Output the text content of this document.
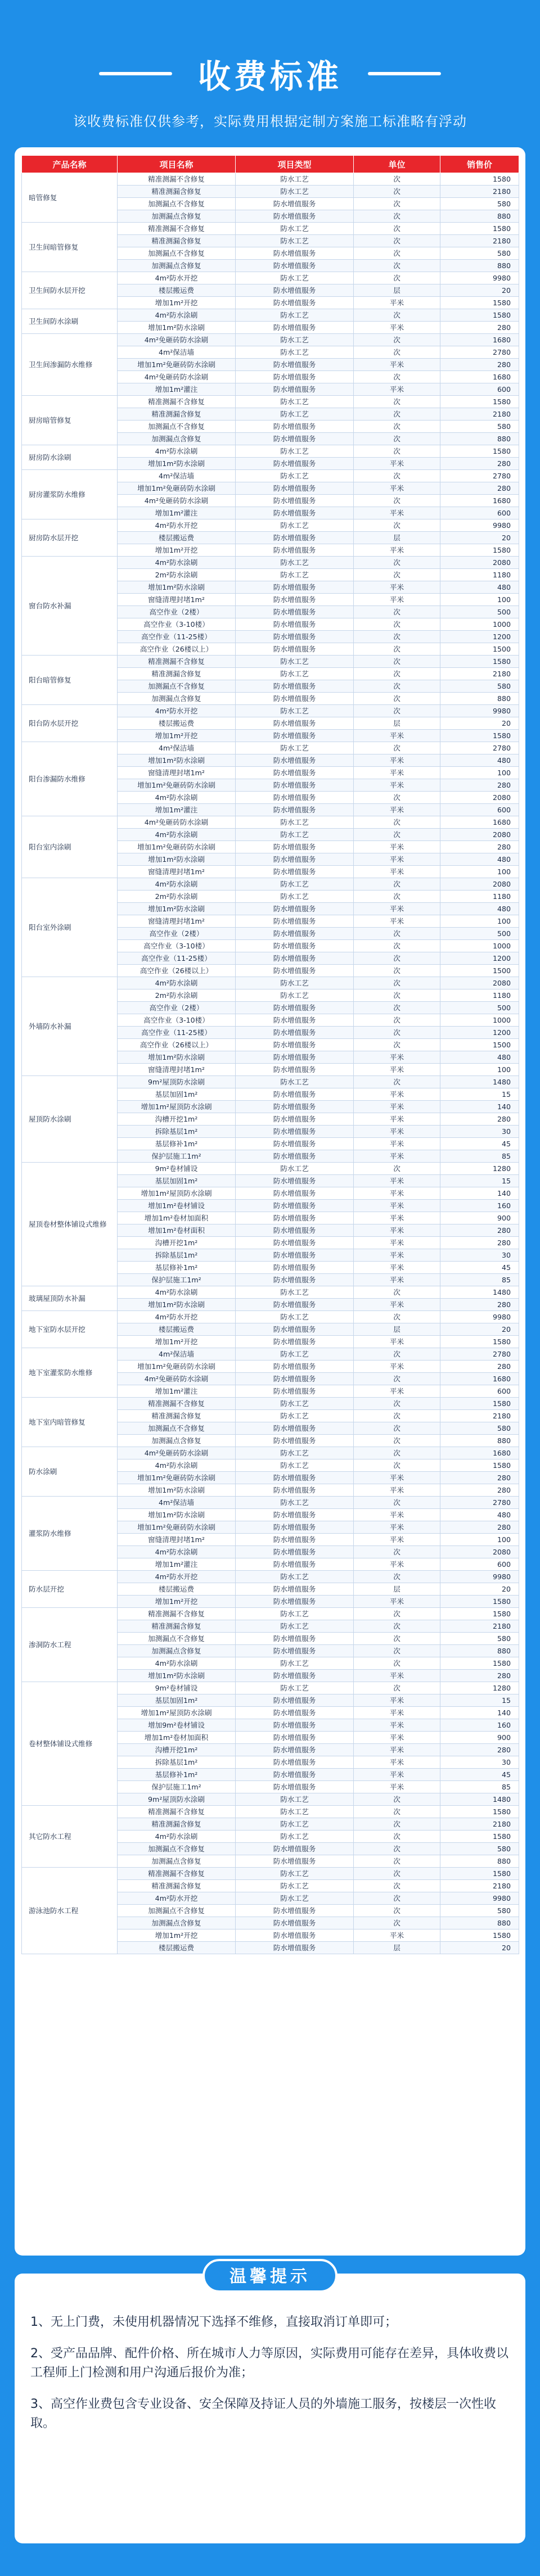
收费标准
该收费标准仅供参考，实际费用根据定制方案施工标准略有浮动
产品名称	项目名称	项目类型	单位	销售价
暗管修复	精准测漏不含修复	防水工艺	次	1580
	精准测漏含修复	防水工艺	次	2180
	加测漏点不含修复	防水增值服务	次	580
	加测漏点含修复	防水增值服务	次	880
卫生间暗管修复	精准测漏不含修复	防水工艺	次	1580
	精准测漏含修复	防水工艺	次	2180
	加测漏点不含修复	防水增值服务	次	580
	加测漏点含修复	防水增值服务	次	880
卫生间防水层开挖	4m²防水开挖	防水工艺	次	9980
	楼层搬运费	防水增值服务	层	20
	增加1m²开挖	防水增值服务	平米	1580
卫生间防水涂刷	4m²防水涂刷	防水工艺	次	1580
	增加1m²防水涂刷	防水增值服务	平米	280
卫生间渗漏防水维修	4m²免砸砖防水涂刷	防水工艺	次	1680
	4m²保洁墙	防水工艺	次	2780
	增加1m²免砸砖防水涂刷	防水增值服务	平米	280
	4m²免砸砖防水涂刷	防水增值服务	次	1680
	增加1m²灌注	防水增值服务	平米	600
厨房暗管修复	精准测漏不含修复	防水工艺	次	1580
	精准测漏含修复	防水工艺	次	2180
	加测漏点不含修复	防水增值服务	次	580
	加测漏点含修复	防水增值服务	次	880
厨房防水涂刷	4m²防水涂刷	防水工艺	次	1580
	增加1m²防水涂刷	防水增值服务	平米	280
厨房灌浆防水维修	4m²保洁墙	防水工艺	次	2780
	增加1m²免砸砖防水涂刷	防水增值服务	平米	280
	4m²免砸砖防水涂刷	防水增值服务	次	1680
	增加1m²灌注	防水增值服务	平米	600
厨房防水层开挖	4m²防水开挖	防水工艺	次	9980
	楼层搬运费	防水增值服务	层	20
	增加1m²开挖	防水增值服务	平米	1580
窗台防水补漏	4m²防水涂刷	防水工艺	次	2080
	2m²防水涂刷	防水工艺	次	1180
	增加1m²防水涂刷	防水增值服务	平米	480
	窗缝清理封堵1m²	防水增值服务	平米	100
	高空作业（2楼）	防水增值服务	次	500
	高空作业（3-10楼）	防水增值服务	次	1000
	高空作业（11-25楼）	防水增值服务	次	1200
	高空作业（26楼以上）	防水增值服务	次	1500
阳台暗管修复	精准测漏不含修复	防水工艺	次	1580
	精准测漏含修复	防水工艺	次	2180
	加测漏点不含修复	防水增值服务	次	580
	加测漏点含修复	防水增值服务	次	880
阳台防水层开挖	4m²防水开挖	防水工艺	次	9980
	楼层搬运费	防水增值服务	层	20
	增加1m²开挖	防水增值服务	平米	1580
阳台渗漏防水维修	4m²保洁墙	防水工艺	次	2780
	增加1m²防水涂刷	防水增值服务	平米	480
	窗缝清理封堵1m²	防水增值服务	平米	100
	增加1m²免砸砖防水涂刷	防水增值服务	平米	280
	4m²防水涂刷	防水增值服务	次	2080
	增加1m²灌注	防水增值服务	平米	600
阳台室内涂刷	4m²免砸砖防水涂刷	防水工艺	次	1680
	4m²防水涂刷	防水工艺	次	2080
	增加1m²免砸砖防水涂刷	防水增值服务	平米	280
	增加1m²防水涂刷	防水增值服务	平米	480
	窗缝清理封堵1m²	防水增值服务	平米	100
阳台室外涂刷	4m²防水涂刷	防水工艺	次	2080
	2m²防水涂刷	防水工艺	次	1180
	增加1m²防水涂刷	防水增值服务	平米	480
	窗缝清理封堵1m²	防水增值服务	平米	100
	高空作业（2楼）	防水增值服务	次	500
	高空作业（3-10楼）	防水增值服务	次	1000
	高空作业（11-25楼）	防水增值服务	次	1200
	高空作业（26楼以上）	防水增值服务	次	1500
外墙防水补漏	4m²防水涂刷	防水工艺	次	2080
	2m²防水涂刷	防水工艺	次	1180
	高空作业（2楼）	防水增值服务	次	500
	高空作业（3-10楼）	防水增值服务	次	1000
	高空作业（11-25楼）	防水增值服务	次	1200
	高空作业（26楼以上）	防水增值服务	次	1500
	增加1m²防水涂刷	防水增值服务	平米	480
	窗缝清理封堵1m²	防水增值服务	平米	100
屋顶防水涂刷	9m²屋顶防水涂刷	防水工艺	次	1480
	基层加固1m²	防水增值服务	平米	15
	增加1m²屋顶防水涂刷	防水增值服务	平米	140
	沟槽开挖1m²	防水增值服务	平米	280
	拆除基层1m²	防水增值服务	平米	30
	基层修补1m²	防水增值服务	平米	45
	保护层施工1m²	防水增值服务	平米	85
屋顶卷材整体铺设式维修	9m²卷材铺设	防水工艺	次	1280
	基层加固1m²	防水增值服务	平米	15
	增加1m²屋顶防水涂刷	防水增值服务	平米	140
	增加1m²卷材铺设	防水增值服务	平米	160
	增加1m²卷材加面积	防水增值服务	平米	900
	增加1m²卷材面积	防水增值服务	平米	280
	沟槽开挖1m²	防水增值服务	平米	280
	拆除基层1m²	防水增值服务	平米	30
	基层修补1m²	防水增值服务	平米	45
	保护层施工1m²	防水增值服务	平米	85
玻璃屋顶防水补漏	4m²防水涂刷	防水工艺	次	1480
	增加1m²防水涂刷	防水增值服务	平米	280
地下室防水层开挖	4m²防水开挖	防水工艺	次	9980
	楼层搬运费	防水增值服务	层	20
	增加1m²开挖	防水增值服务	平米	1580
地下室灌浆防水维修	4m²保洁墙	防水工艺	次	2780
	增加1m²免砸砖防水涂刷	防水增值服务	平米	280
	4m²免砸砖防水涂刷	防水增值服务	次	1680
	增加1m²灌注	防水增值服务	平米	600
地下室内暗管修复	精准测漏不含修复	防水工艺	次	1580
	精准测漏含修复	防水工艺	次	2180
	加测漏点不含修复	防水增值服务	次	580
	加测漏点含修复	防水增值服务	次	880
防水涂刷	4m²免砸砖防水涂刷	防水工艺	次	1680
	4m²防水涂刷	防水工艺	次	1580
	增加1m²免砸砖防水涂刷	防水增值服务	平米	280
	增加1m²防水涂刷	防水增值服务	平米	280
灌浆防水维修	4m²保洁墙	防水工艺	次	2780
	增加1m²防水涂刷	防水增值服务	平米	480
	增加1m²免砸砖防水涂刷	防水增值服务	平米	280
	窗缝清理封堵1m²	防水增值服务	平米	100
	4m²防水涂刷	防水增值服务	次	2080
	增加1m²灌注	防水增值服务	平米	600
防水层开挖	4m²防水开挖	防水工艺	次	9980
	楼层搬运费	防水增值服务	层	20
	增加1m²开挖	防水增值服务	平米	1580
渗洞防水工程	精准测漏不含修复	防水工艺	次	1580
	精准测漏含修复	防水工艺	次	2180
	加测漏点不含修复	防水增值服务	次	580
	加测漏点含修复	防水增值服务	次	880
	4m²防水涂刷	防水工艺	次	1580
	增加1m²防水涂刷	防水增值服务	平米	280
卷材整体铺设式维修	9m²卷材铺设	防水工艺	次	1280
	基层加固1m²	防水增值服务	平米	15
	增加1m²屋顶防水涂刷	防水增值服务	平米	140
	增加9m²卷材铺设	防水增值服务	平米	160
	增加1m²卷材加面积	防水增值服务	平米	900
	沟槽开挖1m²	防水增值服务	平米	280
	拆除基层1m²	防水增值服务	平米	30
	基层修补1m²	防水增值服务	平米	45
	保护层施工1m²	防水增值服务	平米	85
	9m²屋顶防水涂刷	防水工艺	次	1480
其它防水工程	精准测漏不含修复	防水工艺	次	1580
	精准测漏含修复	防水工艺	次	2180
	4m²防水涂刷	防水工艺	次	1580
	加测漏点不含修复	防水增值服务	次	580
	加测漏点含修复	防水增值服务	次	880
游泳池防水工程	精准测漏不含修复	防水工艺	次	1580
	精准测漏含修复	防水工艺	次	2180
	4m²防水开挖	防水工艺	次	9980
	加测漏点不含修复	防水增值服务	次	580
	加测漏点含修复	防水增值服务	次	880
	增加1m²开挖	防水增值服务	平米	1580
	楼层搬运费	防水增值服务	层	20
温馨提示

1、无上门费，未使用机器情况下选择不维修，直接取消订单即可；

2、受产品品牌、配件价格、所在城市人力等原因，实际费用可能存在差异，具体收费以工程师上门检测和用户沟通后报价为准；

3、高空作业费包含专业设备、安全保障及持证人员的外墙施工服务，按楼层一次性收取。
